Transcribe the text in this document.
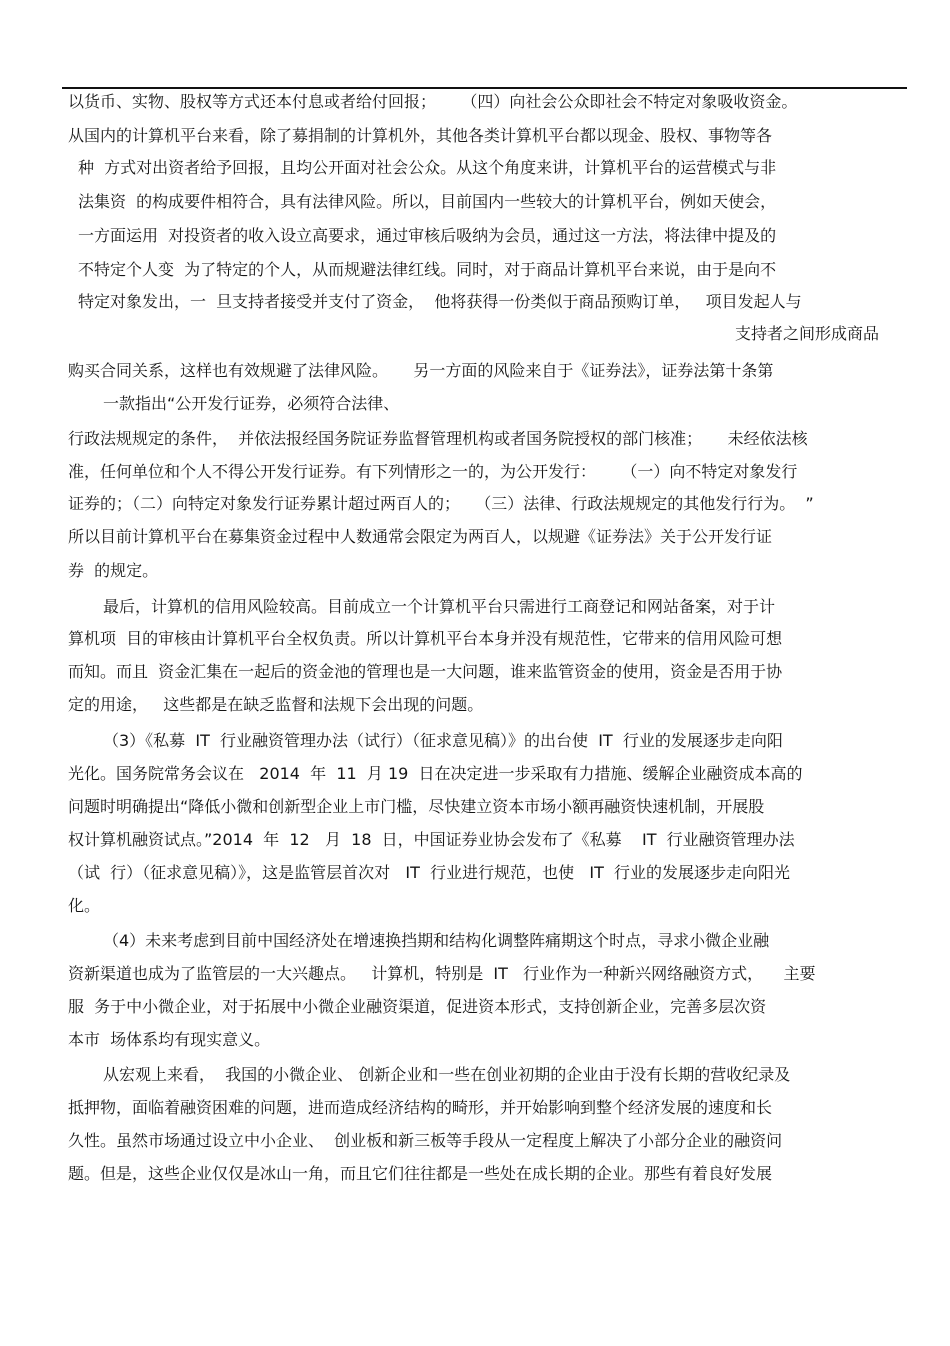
以货币、实物、股权等方式还本付息或者给付回报；     （四）向社会公众即社会不特定对象吸收资金。
从国内的计算机平台来看，除了募捐制的计算机外，其他各类计算机平台都以现金、股权、事物等各
种  方式对出资者给予回报，且均公开面对社会公众。从这个角度来讲，计算机平台的运营模式与非
法集资  的构成要件相符合，具有法律风险。所以，目前国内一些较大的计算机平台，例如天使会，
一方面运用  对投资者的收入设立高要求，通过审核后吸纳为会员，通过这一方法，将法律中提及的
不特定个人变  为了特定的个人，从而规避法律红线。同时，对于商品计算机平台来说，由于是向不
特定对象发出，一  旦支持者接受并支付了资金，  他将获得一份类似于商品预购订单，   项目发起人与
支持者之间形成商品
购买合同关系，这样也有效规避了法律风险。     另一方面的风险来自于《证券法》，证券法第十条第
一款指出“公开发行证券，必须符合法律、
行政法规规定的条件，  并依法报经国务院证券监督管理机构或者国务院授权的部门核准；     未经依法核
准，任何单位和个人不得公开发行证券。有下列情形之一的，为公开发行：     （一）向不特定对象发行
证券的；（二）向特定对象发行证券累计超过两百人的；   （三）法律、行政法规规定的其他发行行为。  ”
所以目前计算机平台在募集资金过程中人数通常会限定为两百人，以规避《证券法》关于公开发行证
券  的规定。
最后，计算机的信用风险较高。目前成立一个计算机平台只需进行工商登记和网站备案，对于计
算机项  目的审核由计算机平台全权负责。所以计算机平台本身并没有规范性，它带来的信用风险可想
而知。而且  资金汇集在一起后的资金池的管理也是一大问题，谁来监管资金的使用，资金是否用于协
定的用途，   这些都是在缺乏监督和法规下会出现的问题。
（3）《私募  IT  行业融资管理办法（试行）（征求意见稿）》的出台使  IT  行业的发展逐步走向阳
光化。国务院常务会议在   2014  年  11  月 19  日在决定进一步采取有力措施、缓解企业融资成本高的
问题时明确提出“降低小微和创新型企业上市门槛，尽快建立资本市场小额再融资快速机制，开展股
权计算机融资试点。”2014  年  12   月  18  日，中国证券业协会发布了《私募    IT  行业融资管理办法
（试  行）（征求意见稿）》，这是监管层首次对   IT  行业进行规范，也使   IT  行业的发展逐步走向阳光
化。
（4）未来考虑到目前中国经济处在增速换挡期和结构化调整阵痛期这个时点，寻求小微企业融
资新渠道也成为了监管层的一大兴趣点。   计算机，特别是  IT   行业作为一种新兴网络融资方式，    主要
服  务于中小微企业，对于拓展中小微企业融资渠道，促进资本形式，支持创新企业，完善多层次资
本市  场体系均有现实意义。
从宏观上来看，  我国的小微企业、 创新企业和一些在创业初期的企业由于没有长期的营收纪录及
抵押物，面临着融资困难的问题，进而造成经济结构的畸形，并开始影响到整个经济发展的速度和长
久性。虽然市场通过设立中小企业、  创业板和新三板等手段从一定程度上解决了小部分企业的融资问
题。但是，这些企业仅仅是冰山一角，而且它们往往都是一些处在成长期的企业。那些有着良好发展
